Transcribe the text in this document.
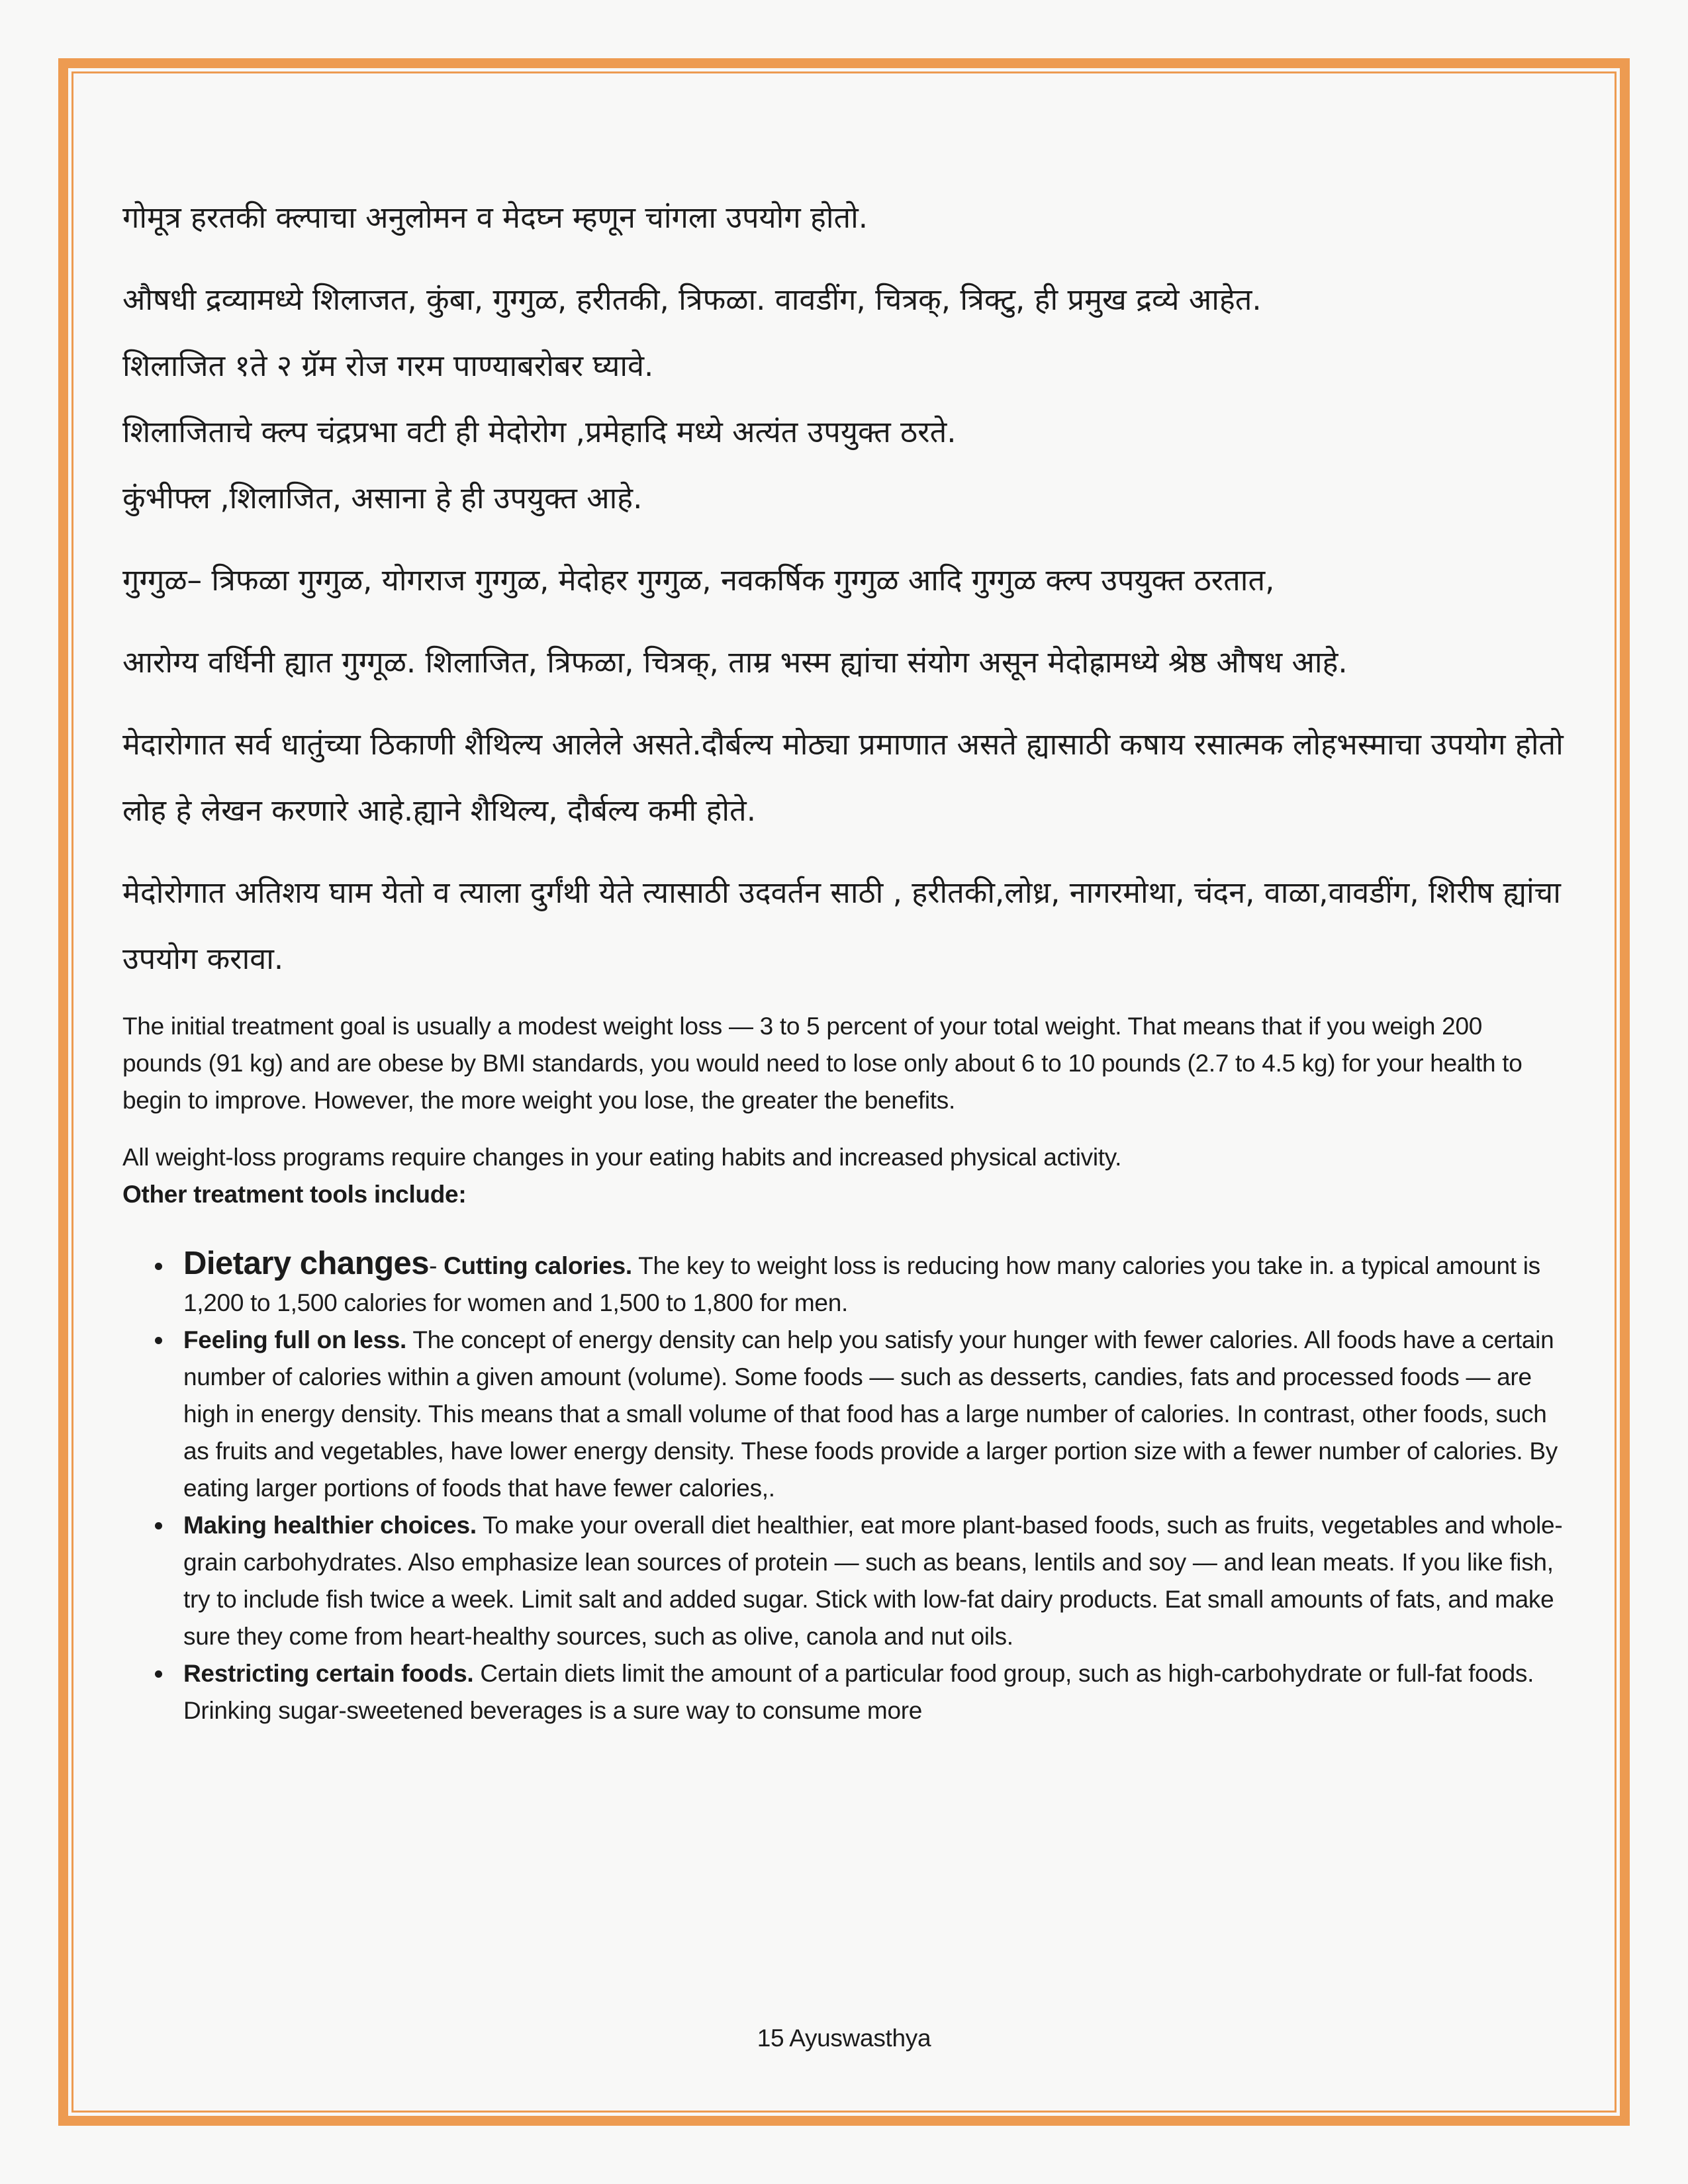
गोमूत्र हरतकी क्ल्पाचा अनुलोमन व मेदघ्न म्हणून चांगला उपयोग होतो.

औषधी द्रव्यामध्ये शिलाजत, कुंबा, गुग्गुळ, हरीतकी, त्रिफळा. वावडींग, चित्रक्, त्रिक्टु, ही प्रमुख द्रव्ये आहेत.
शिलाजित १ते २ ग्रॅम रोज गरम पाण्याबरोबर घ्यावे.
शिलाजिताचे क्ल्प चंद्रप्रभा वटी ही मेदोरोग ,प्रमेहादि मध्ये अत्यंत उपयुक्त ठरते.
कुंभीफ्ल ,शिलाजित, असाना हे ही उपयुक्त आहे.

गुग्गुळ– त्रिफळा गुग्गुळ, योगराज गुग्गुळ, मेदोहर गुग्गुळ, नवकर्षिक गुग्गुळ आदि गुग्गुळ क्ल्प उपयुक्त ठरतात,

आरोग्य वर्धिनी ह्यात गुग्गूळ. शिलाजित, त्रिफळा, चित्रक्, ताम्र भस्म ह्यांचा संयोग असून मेदोह्रामध्ये श्रेष्ठ औषध आहे.

मेदारोगात सर्व धातुंच्या ठिकाणी शैथिल्य आलेले असते.दौर्बल्य मोठ्या प्रमाणात असते ह्यासाठी कषाय रसात्मक लोहभस्माचा उपयोग होतो लोह हे लेखन करणारे आहे.ह्याने शैथिल्य, दौर्बल्य कमी होते.

मेदोरोगात अतिशय घाम येतो व त्याला दुर्गंथी येते त्यासाठी उदवर्तन साठी , हरीतकी,लोध्र, नागरमोथा, चंदन, वाळा,वावडींग, शिरीष ह्यांचा उपयोग करावा.

The initial treatment goal is usually a modest weight loss — 3 to 5 percent of your total weight. That means that if you weigh 200 pounds (91 kg) and are obese by BMI standards, you would need to lose only about 6 to 10 pounds (2.7 to 4.5 kg) for your health to begin to improve. However, the more weight you lose, the greater the benefits.

All weight-loss programs require changes in your eating habits and increased physical activity.
Other treatment tools include:

• Dietary changes- Cutting calories. The key to weight loss is reducing how many calories you take in. a typical amount is 1,200 to 1,500 calories for women and 1,500 to 1,800 for men.
• Feeling full on less. The concept of energy density can help you satisfy your hunger with fewer calories. All foods have a certain number of calories within a given amount (volume). Some foods — such as desserts, candies, fats and processed foods — are high in energy density. This means that a small volume of that food has a large number of calories. In contrast, other foods, such as fruits and vegetables, have lower energy density. These foods provide a larger portion size with a fewer number of calories. By eating larger portions of foods that have fewer calories,.
• Making healthier choices. To make your overall diet healthier, eat more plant-based foods, such as fruits, vegetables and whole-grain carbohydrates. Also emphasize lean sources of protein — such as beans, lentils and soy — and lean meats. If you like fish, try to include fish twice a week. Limit salt and added sugar. Stick with low-fat dairy products. Eat small amounts of fats, and make sure they come from heart-healthy sources, such as olive, canola and nut oils.
• Restricting certain foods. Certain diets limit the amount of a particular food group, such as high-carbohydrate or full-fat foods. Drinking sugar-sweetened beverages is a sure way to consume more
15 Ayuswasthya
